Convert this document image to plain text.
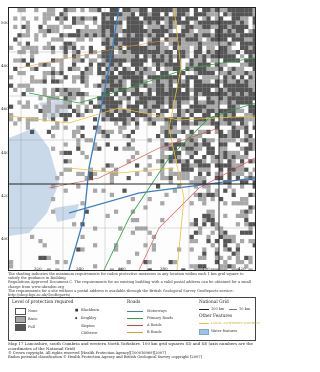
500
480
460
440
420
400
320	340	360	380	400	420
The shading indicates the maximum requirements for radon protective measures in any location within each 1 km grid square to satisfy the guidance in Building
Regulations Approved Document C. The requirements for an existing building with a valid postal address can be obtained for a small charge from www.ukradon.org
The requirements for a site without a postal address is available through the British Geological Survey GeoReports service: http://shop.bgs.ac.uk/GeoReports/
Level of protection required
None
Basic
Full
■ Blackburn
▪ Keighley
Skipton
Clitheroe
Roads
Motorways
Primary Roads
A Roads
B Roads
National Grid
100 km	10 km
Other Features
LOCAL AUTHORITY DISTRICT
Water features
Map 17 Lancashire, south Cumbria and western North Yorkshire. 100 km grid squares SD and SE (axis numbers are the
coordinates of the National Grid)
© Crown copyright. All rights reserved [Health Protection Agency][100016969][2007]
Radon potential classification © Health Protection Agency and British Geological Survey copyright [2007]
